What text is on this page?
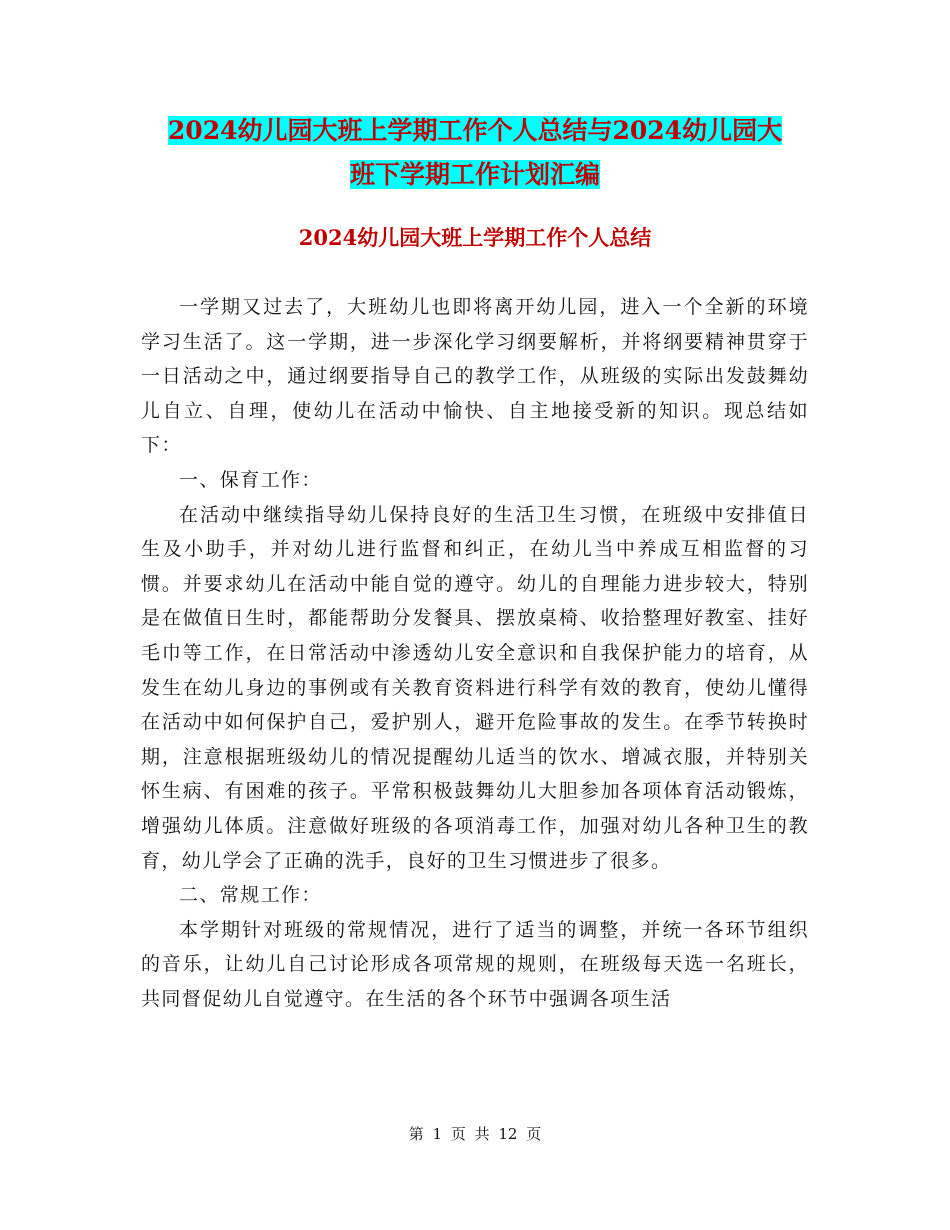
2024幼儿园大班上学期工作个人总结与2024幼儿园大
班下学期工作计划汇编
2024幼儿园大班上学期工作个人总结

一学期又过去了，大班幼儿也即将离开幼儿园，进入一个全新的环境学习生活了。这一学期，进一步深化学习纲要解析，并将纲要精神贯穿于一日活动之中，通过纲要指导自己的教学工作，从班级的实际出发鼓舞幼儿自立、自理，使幼儿在活动中愉快、自主地接受新的知识。现总结如下：

一、保育工作：

在活动中继续指导幼儿保持良好的生活卫生习惯，在班级中安排值日生及小助手，并对幼儿进行监督和纠正，在幼儿当中养成互相监督的习惯。并要求幼儿在活动中能自觉的遵守。幼儿的自理能力进步较大，特别是在做值日生时，都能帮助分发餐具、摆放桌椅、收拾整理好教室、挂好毛巾等工作，在日常活动中渗透幼儿安全意识和自我保护能力的培育，从发生在幼儿身边的事例或有关教育资料进行科学有效的教育，使幼儿懂得在活动中如何保护自己，爱护别人，避开危险事故的发生。在季节转换时期，注意根据班级幼儿的情况提醒幼儿适当的饮水、增减衣服，并特别关怀生病、有困难的孩子。平常积极鼓舞幼儿大胆参加各项体育活动锻炼，增强幼儿体质。注意做好班级的各项消毒工作，加强对幼儿各种卫生的教育，幼儿学会了正确的洗手，良好的卫生习惯进步了很多。

二、常规工作：

本学期针对班级的常规情况，进行了适当的调整，并统一各环节组织的音乐，让幼儿自己讨论形成各项常规的规则，在班级每天选一名班长，共同督促幼儿自觉遵守。在生活的各个环节中强调各项生活

第 1 页 共 12 页
